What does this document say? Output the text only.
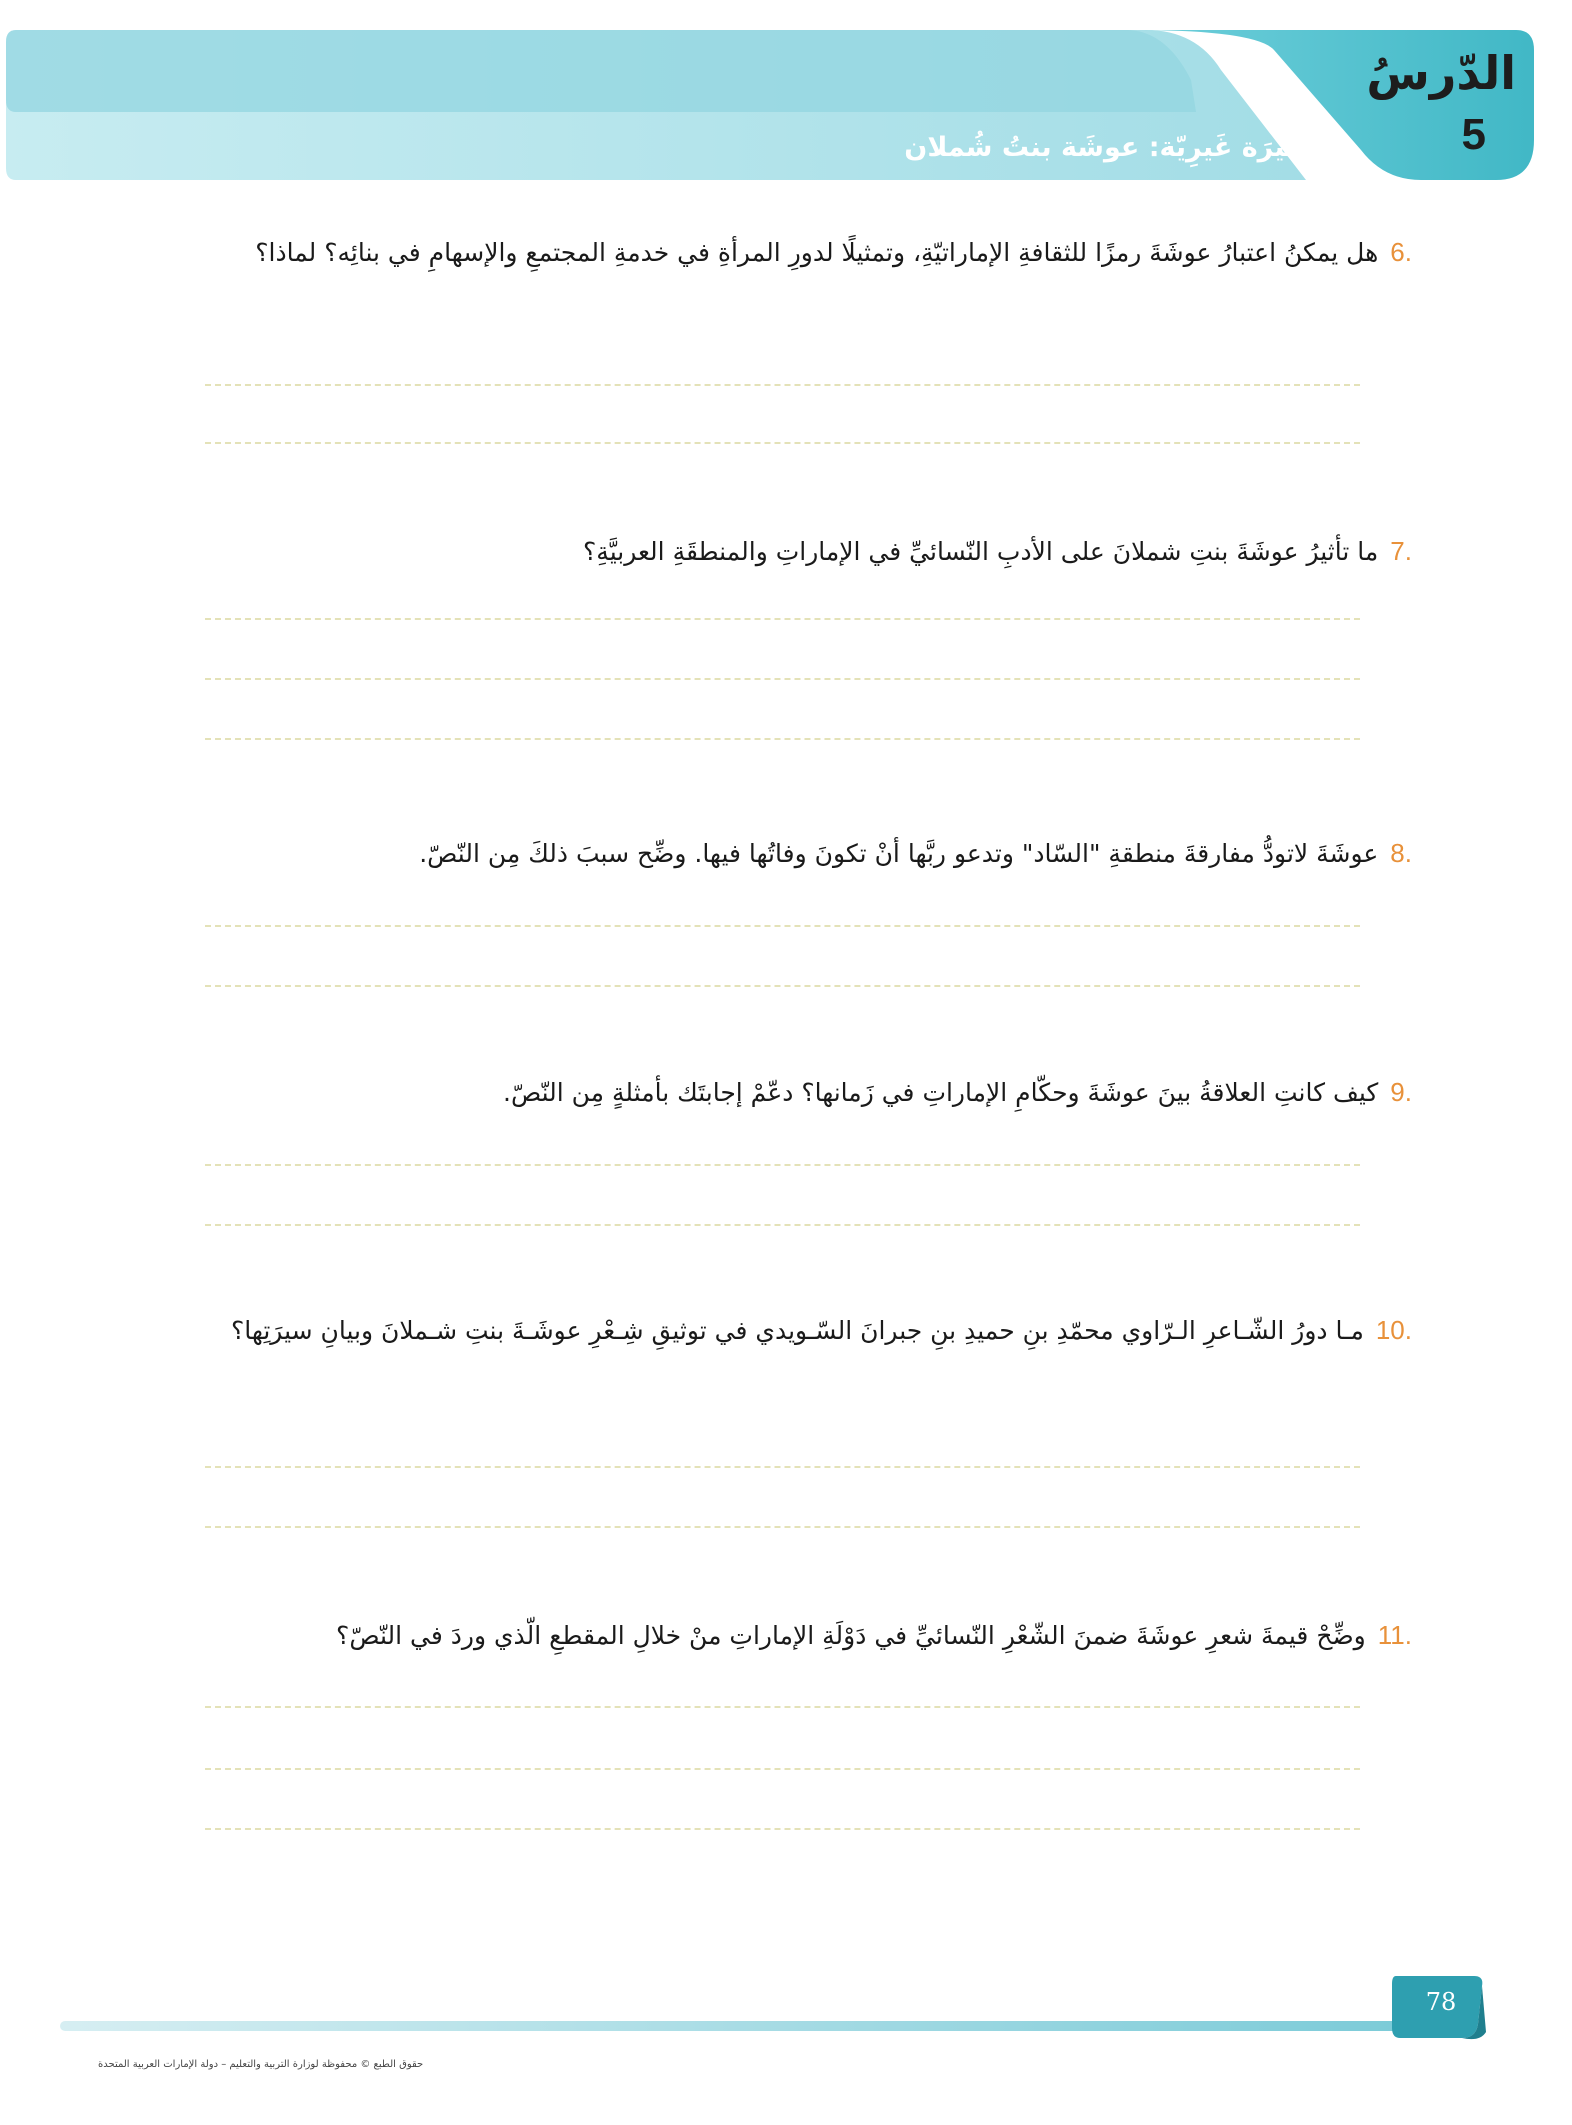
الدّرسُ
5
سيرَة غَيرِيّة: عوشَة بنتُ شُملان
.6هل يمكنُ اعتبارُ عوشَةَ رمزًا للثقافةِ الإماراتيّةِ، وتمثيلًا لدورِ المرأةِ في خدمةِ المجتمعِ والإسهامِ في بنائِه؟ لماذا؟
.7ما تأثيرُ عوشَةَ بنتِ شملانَ على الأدبِ النّسائيِّ في الإماراتِ والمنطقَةِ العربيَّةِ؟
.8عوشَةَ لاتودُّ مفارقةَ منطقةِ "السّاد" وتدعو ربَّها أنْ تكونَ وفاتُها فيها. وضِّح سببَ ذلكَ مِن النّصّ.
.9كيف كانتِ العلاقةُ بينَ عوشَةَ وحكّامِ الإماراتِ في زَمانها؟ دعّمْ إجابتَك بأمثلةٍ مِن النّصّ.
.10مـا دورُ الشّـاعرِ الـرّاوي محمّدِ بنِ حميدِ بنِ جبرانَ السّـويدي في توثيقِ شِـعْرِ عوشَـةَ بنتِ شـملانَ وبيانِ سيرَتِها؟
.11وضِّحْ قيمةَ شعرِ عوشَةَ ضمنَ الشّعْرِ النّسائيِّ في دَوْلَةِ الإماراتِ منْ خلالِ المقطعِ الّذي وردَ في النّصّ؟
78
حقوق الطبع © محفوظة لوزارة التربية والتعليم – دولة الإمارات العربية المتحدة
